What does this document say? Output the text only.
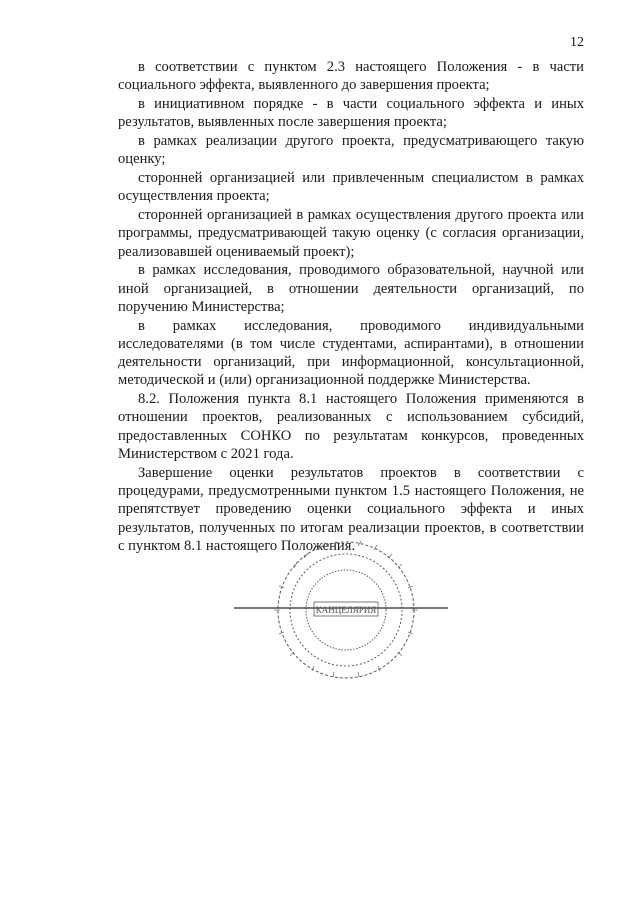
12

в соответствии с пунктом 2.3 настоящего Положения - в части социального эффекта, выявленного до завершения проекта;

в инициативном порядке - в части социального эффекта и иных результатов, выявленных после завершения проекта;

в рамках реализации другого проекта, предусматривающего такую оценку;

сторонней организацией или привлеченным специалистом в рамках осуществления проекта;

сторонней организацией в рамках осуществления другого проекта или программы, предусматривающей такую оценку (с согласия организации, реализовавшей оцениваемый проект);

в рамках исследования, проводимого образовательной, научной или иной организацией, в отношении деятельности организаций, по поручению Министерства;

в рамках исследования, проводимого индивидуальными исследователями (в том числе студентами, аспирантами), в отношении деятельности организаций, при информационной, консультационной, методической и (или) организационной поддержке Министерства.

8.2. Положения пункта 8.1 настоящего Положения применяются в отношении проектов, реализованных с использованием субсидий, предоставленных СОНКО по результатам конкурсов, проведенных Министерством с 2021 года.

Завершение оценки результатов проектов в соответствии с процедурами, предусмотренными пунктом 1.5 настоящего Положения, не препятствует проведению оценки социального эффекта и иных результатов, полученных по итогам реализации проектов, в соответствии с пунктом 8.1 настоящего Положения.

КАНЦЕЛЯРИЯ
